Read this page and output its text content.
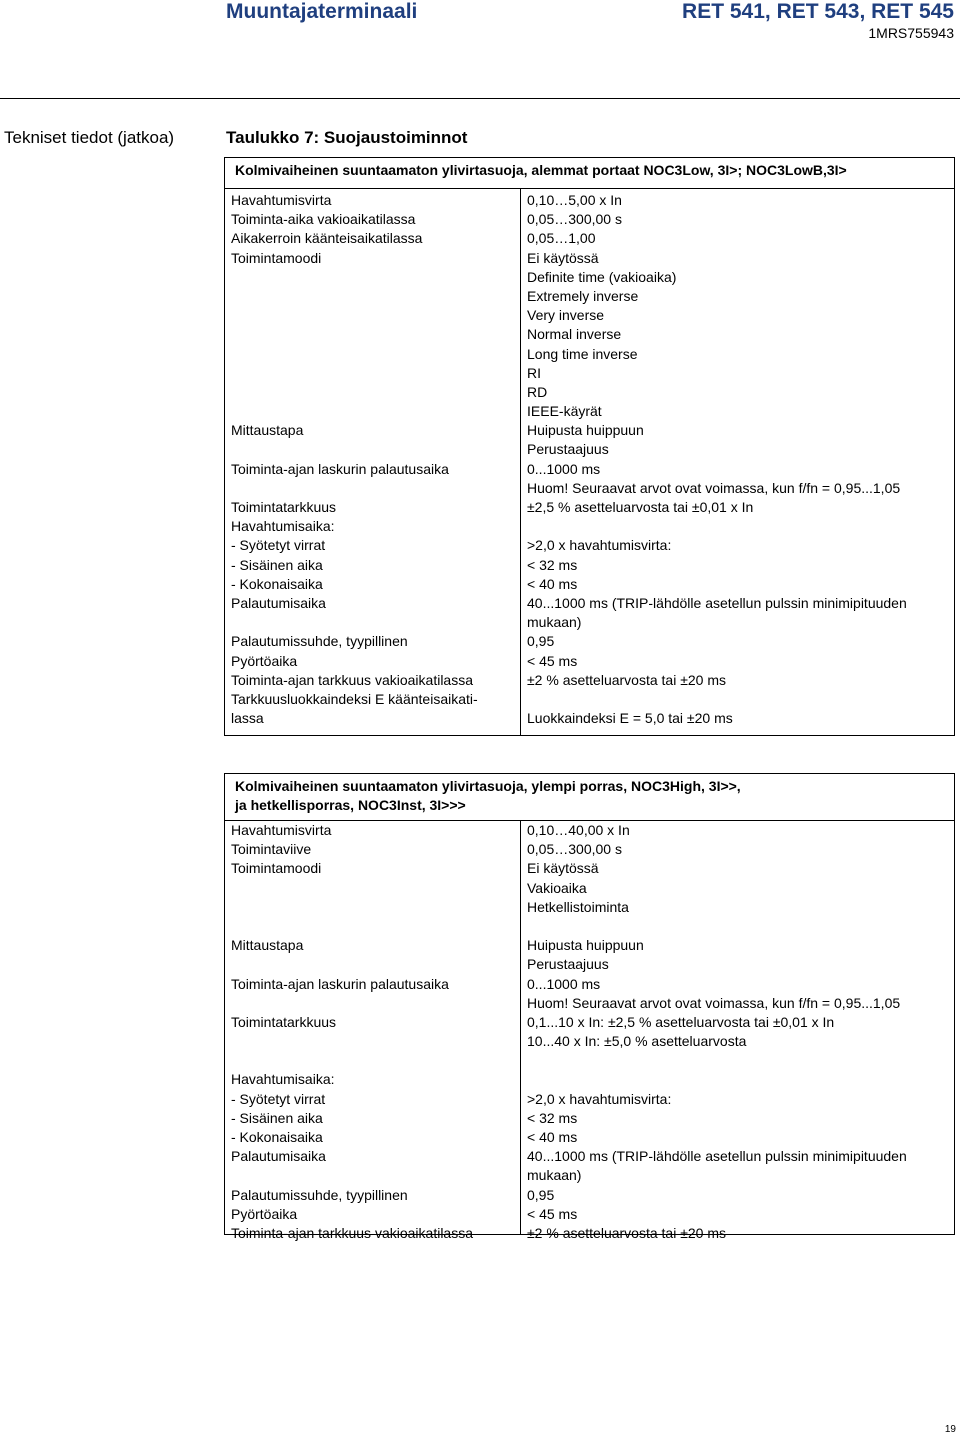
Muuntajaterminaali	RET 541, RET 543, RET 545
1MRS755943
Tekniset tiedot (jatkoa)	Taulukko 7: Suojaustoiminnot
Kolmivaiheinen suuntaamaton ylivirtasuoja, alemmat portaat NOC3Low, 3I>; NOC3LowB,3I>
Havahtumisvirta
Toiminta-aika vakioaikatilassa
Aikakerroin käänteisaikatilassa
Toimintamoodi
Mittaustapa
Toiminta-ajan laskurin palautusaika
Toimintatarkkuus
Havahtumisaika:
- Syötetyt virrat
- Sisäinen aika
- Kokonaisaika
Palautumisaika
Palautumissuhde, tyypillinen
Pyörtöaika
Toiminta-ajan tarkkuus vakioaikatilassa
Tarkkuusluokkaindeksi E käänteisaikati-
lassa
0,10…5,00 x In
0,05…300,00 s
0,05…1,00
Ei käytössä
Definite time (vakioaika)
Extremely inverse
Very inverse
Normal inverse
Long time inverse
RI
RD
IEEE-käyrät
Huipusta huippuun
Perustaajuus
0...1000 ms
Huom! Seuraavat arvot ovat voimassa, kun f/fn = 0,95...1,05
±2,5 % asetteluarvosta tai ±0,01 x In
>2,0 x havahtumisvirta:
< 32 ms
< 40 ms
40...1000 ms (TRIP-lähdölle asetellun pulssin minimipituuden
mukaan)
0,95
< 45 ms
±2 % asetteluarvosta tai ±20 ms
Luokkaindeksi E = 5,0 tai ±20 ms
Kolmivaiheinen suuntaamaton ylivirtasuoja, ylempi porras, NOC3High, 3I>>,
ja hetkellisporras, NOC3Inst, 3I>>>
Havahtumisvirta
Toimintaviive
Toimintamoodi
Mittaustapa
Toiminta-ajan laskurin palautusaika
Toimintatarkkuus
Havahtumisaika:
- Syötetyt virrat
- Sisäinen aika
- Kokonaisaika
Palautumisaika
Palautumissuhde, tyypillinen
Pyörtöaika
Toiminta-ajan tarkkuus vakioaikatilassa
0,10…40,00 x In
0,05…300,00 s
Ei käytössä
Vakioaika
Hetkellistoiminta
Huipusta huippuun
Perustaajuus
0...1000 ms
Huom! Seuraavat arvot ovat voimassa, kun f/fn = 0,95...1,05
0,1...10 x In: ±2,5 % asetteluarvosta tai ±0,01 x In
10...40 x In: ±5,0 % asetteluarvosta
>2,0 x havahtumisvirta:
< 32 ms
< 40 ms
40...1000 ms (TRIP-lähdölle asetellun pulssin minimipituuden
mukaan)
0,95
< 45 ms
±2 % asetteluarvosta tai ±20 ms
19
